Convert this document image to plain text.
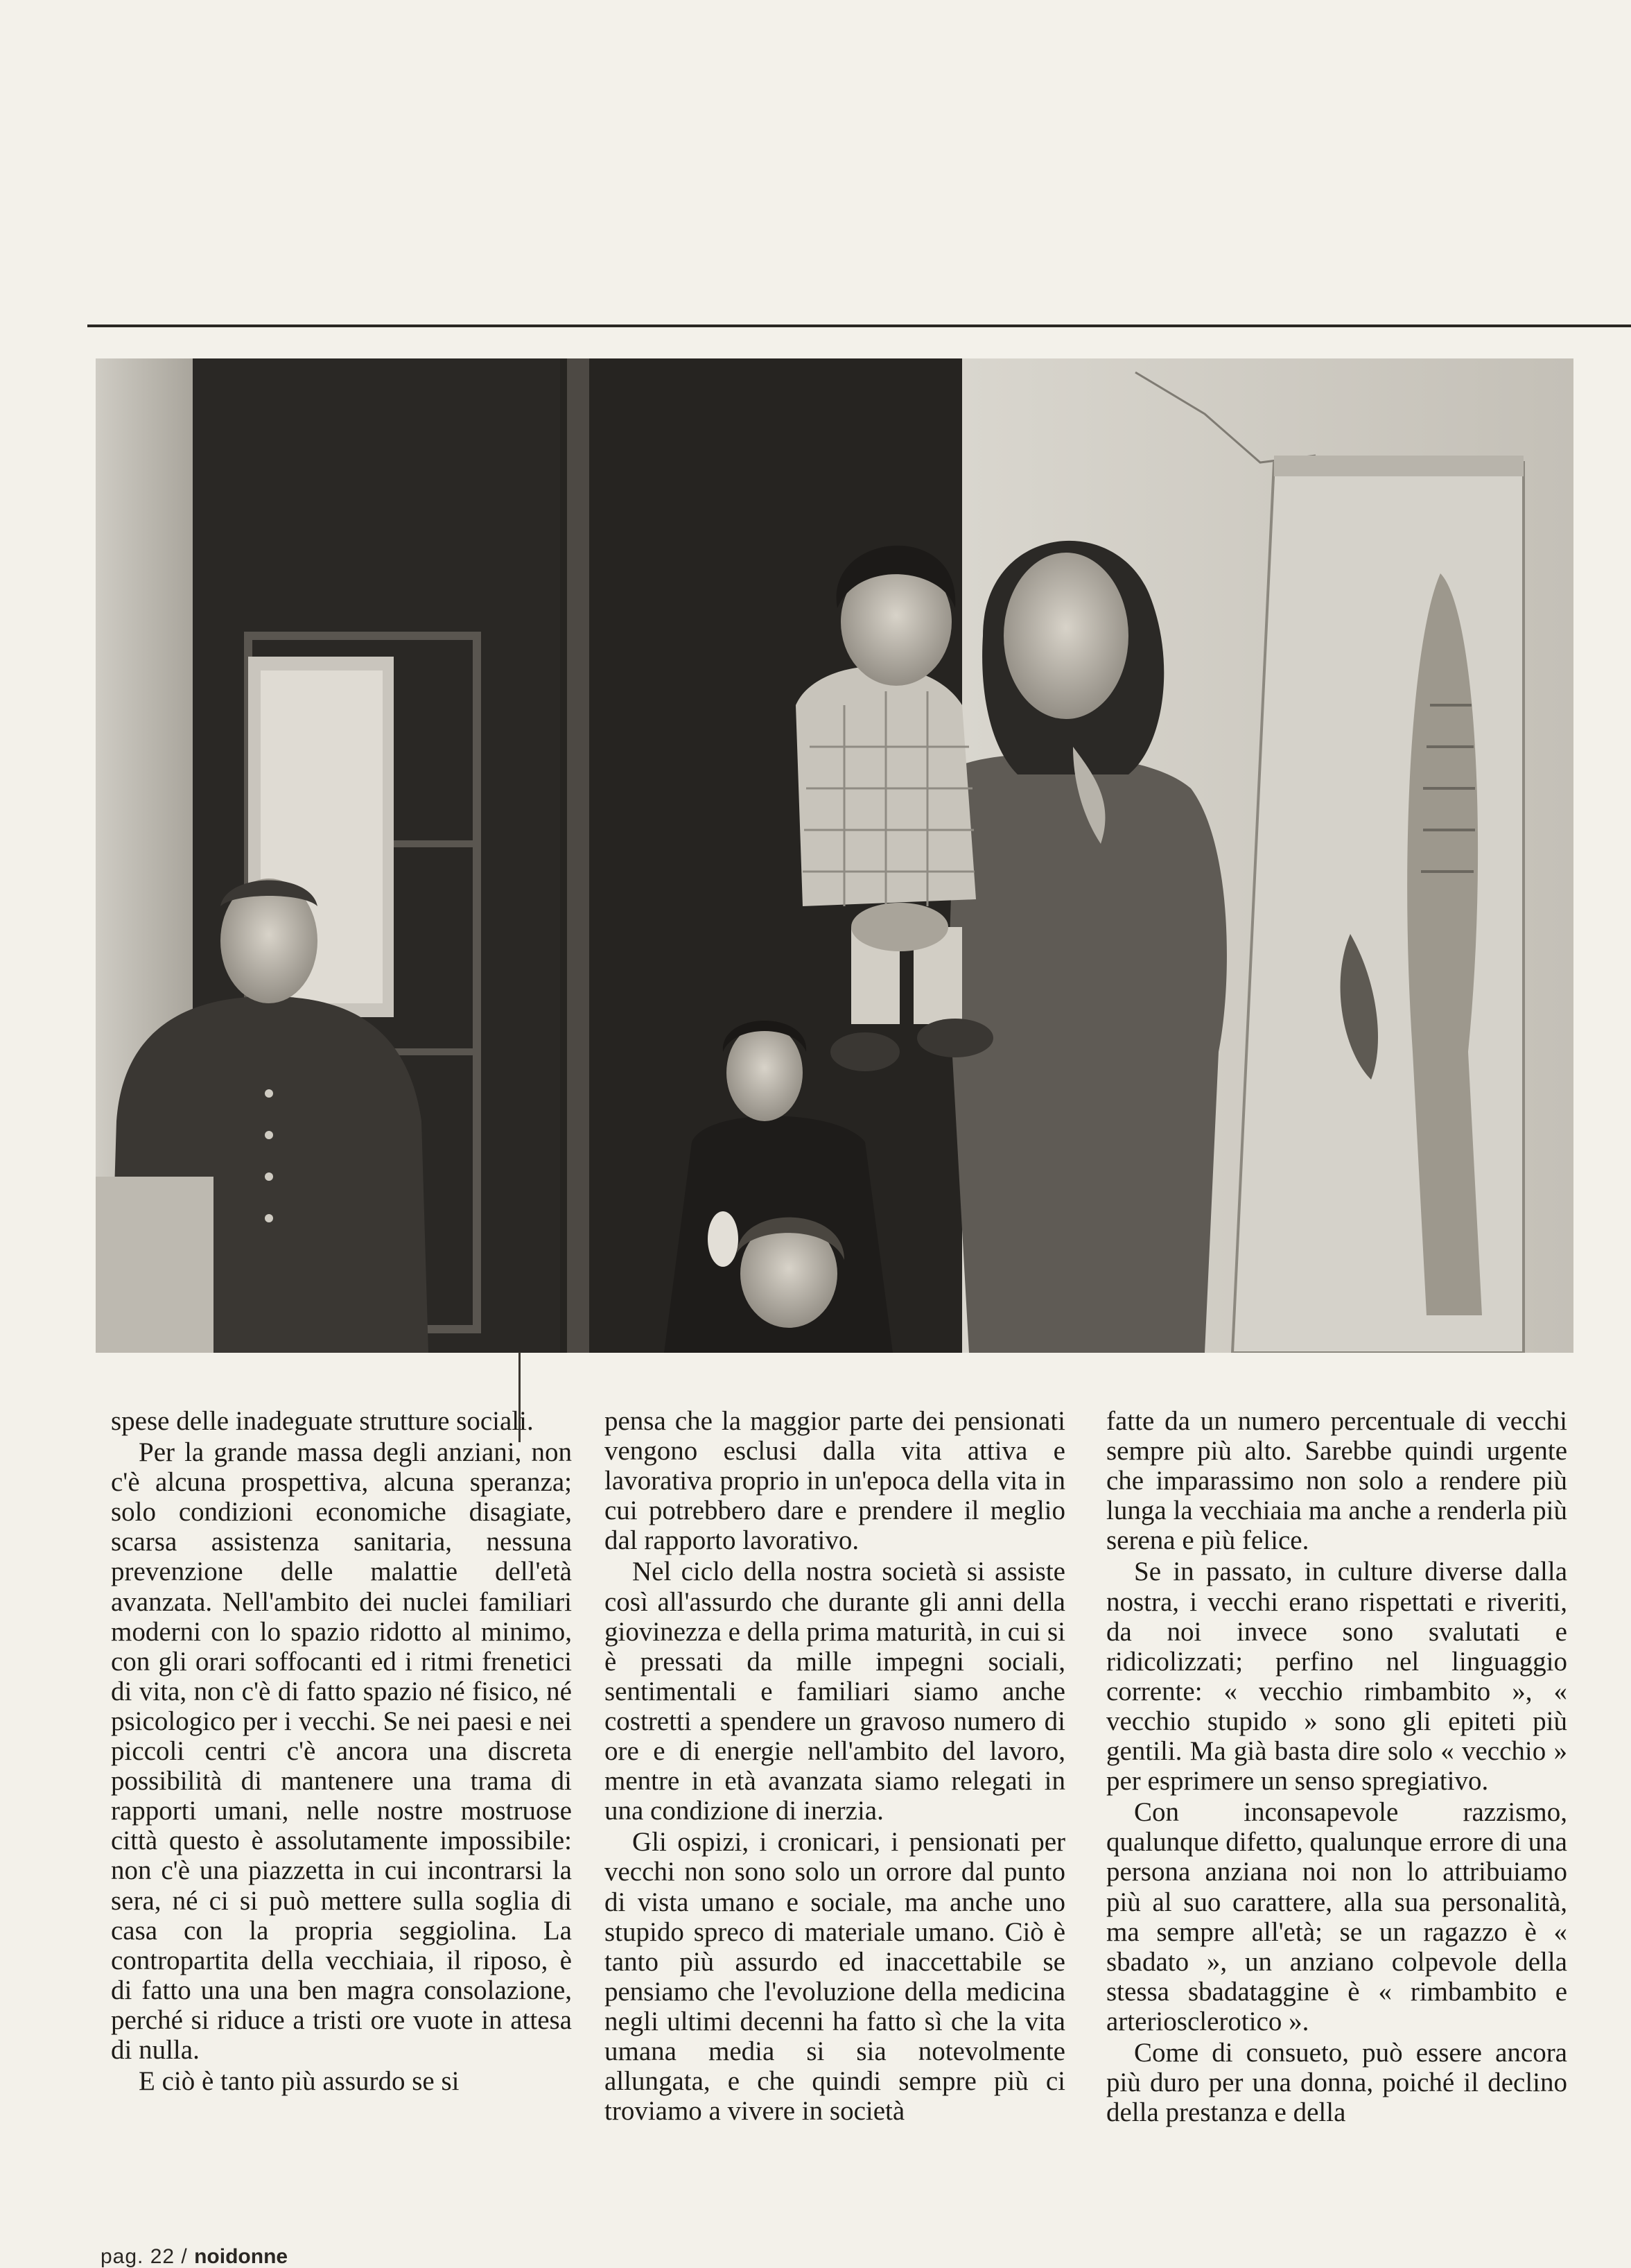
spese delle inadeguate strutture sociali.

Per la grande massa degli anziani, non c'è alcuna prospettiva, alcuna speranza; solo condizioni economiche disagiate, scarsa assistenza sanitaria, nessuna prevenzione delle malattie dell'età avanzata. Nell'ambito dei nuclei familiari moderni con lo spazio ridotto al minimo, con gli orari soffocanti ed i ritmi frenetici di vita, non c'è di fatto spazio né fisico, né psicologico per i vecchi. Se nei paesi e nei piccoli centri c'è ancora una discreta possibilità di mantenere una trama di rapporti umani, nelle nostre mostruose città questo è assolutamente impossibile: non c'è una piazzetta in cui incontrarsi la sera, né ci si può mettere sulla soglia di casa con la propria seggiolina. La contropartita della vecchiaia, il riposo, è di fatto una una ben magra consolazione, perché si riduce a tristi ore vuote in attesa di nulla.

E ciò è tanto più assurdo se si

pensa che la maggior parte dei pensionati vengono esclusi dalla vita attiva e lavorativa proprio in un'epoca della vita in cui potrebbero dare e prendere il meglio dal rapporto lavorativo.

Nel ciclo della nostra società si assiste così all'assurdo che durante gli anni della giovinezza e della prima maturità, in cui si è pressati da mille impegni sociali, sentimentali e familiari siamo anche costretti a spendere un gravoso numero di ore e di energie nell'ambito del lavoro, mentre in età avanzata siamo relegati in una condizione di inerzia.

Gli ospizi, i cronicari, i pensionati per vecchi non sono solo un orrore dal punto di vista umano e sociale, ma anche uno stupido spreco di materiale umano. Ciò è tanto più assurdo ed inaccettabile se pensiamo che l'evoluzione della medicina negli ultimi decenni ha fatto sì che la vita umana media si sia notevolmente allungata, e che quindi sempre più ci troviamo a vivere in società

fatte da un numero percentuale di vecchi sempre più alto. Sarebbe quindi urgente che imparassimo non solo a rendere più lunga la vecchiaia ma anche a renderla più serena e più felice.

Se in passato, in culture diverse dalla nostra, i vecchi erano rispettati e riveriti, da noi invece sono svalutati e ridicolizzati; perfino nel linguaggio corrente: « vecchio rimbambito », « vecchio stupido » sono gli epiteti più gentili. Ma già basta dire solo « vecchio » per esprimere un senso spregiativo.

Con inconsapevole razzismo, qualunque difetto, qualunque errore di una persona anziana noi non lo attribuiamo più al suo carattere, alla sua personalità, ma sempre all'età; se un ragazzo è « sbadato », un anziano colpevole della stessa sbadataggine è « rimbambito e arteriosclerotico ».

Come di consueto, può essere ancora più duro per una donna, poiché il declino della prestanza e della

pag. 22 / noidonne
